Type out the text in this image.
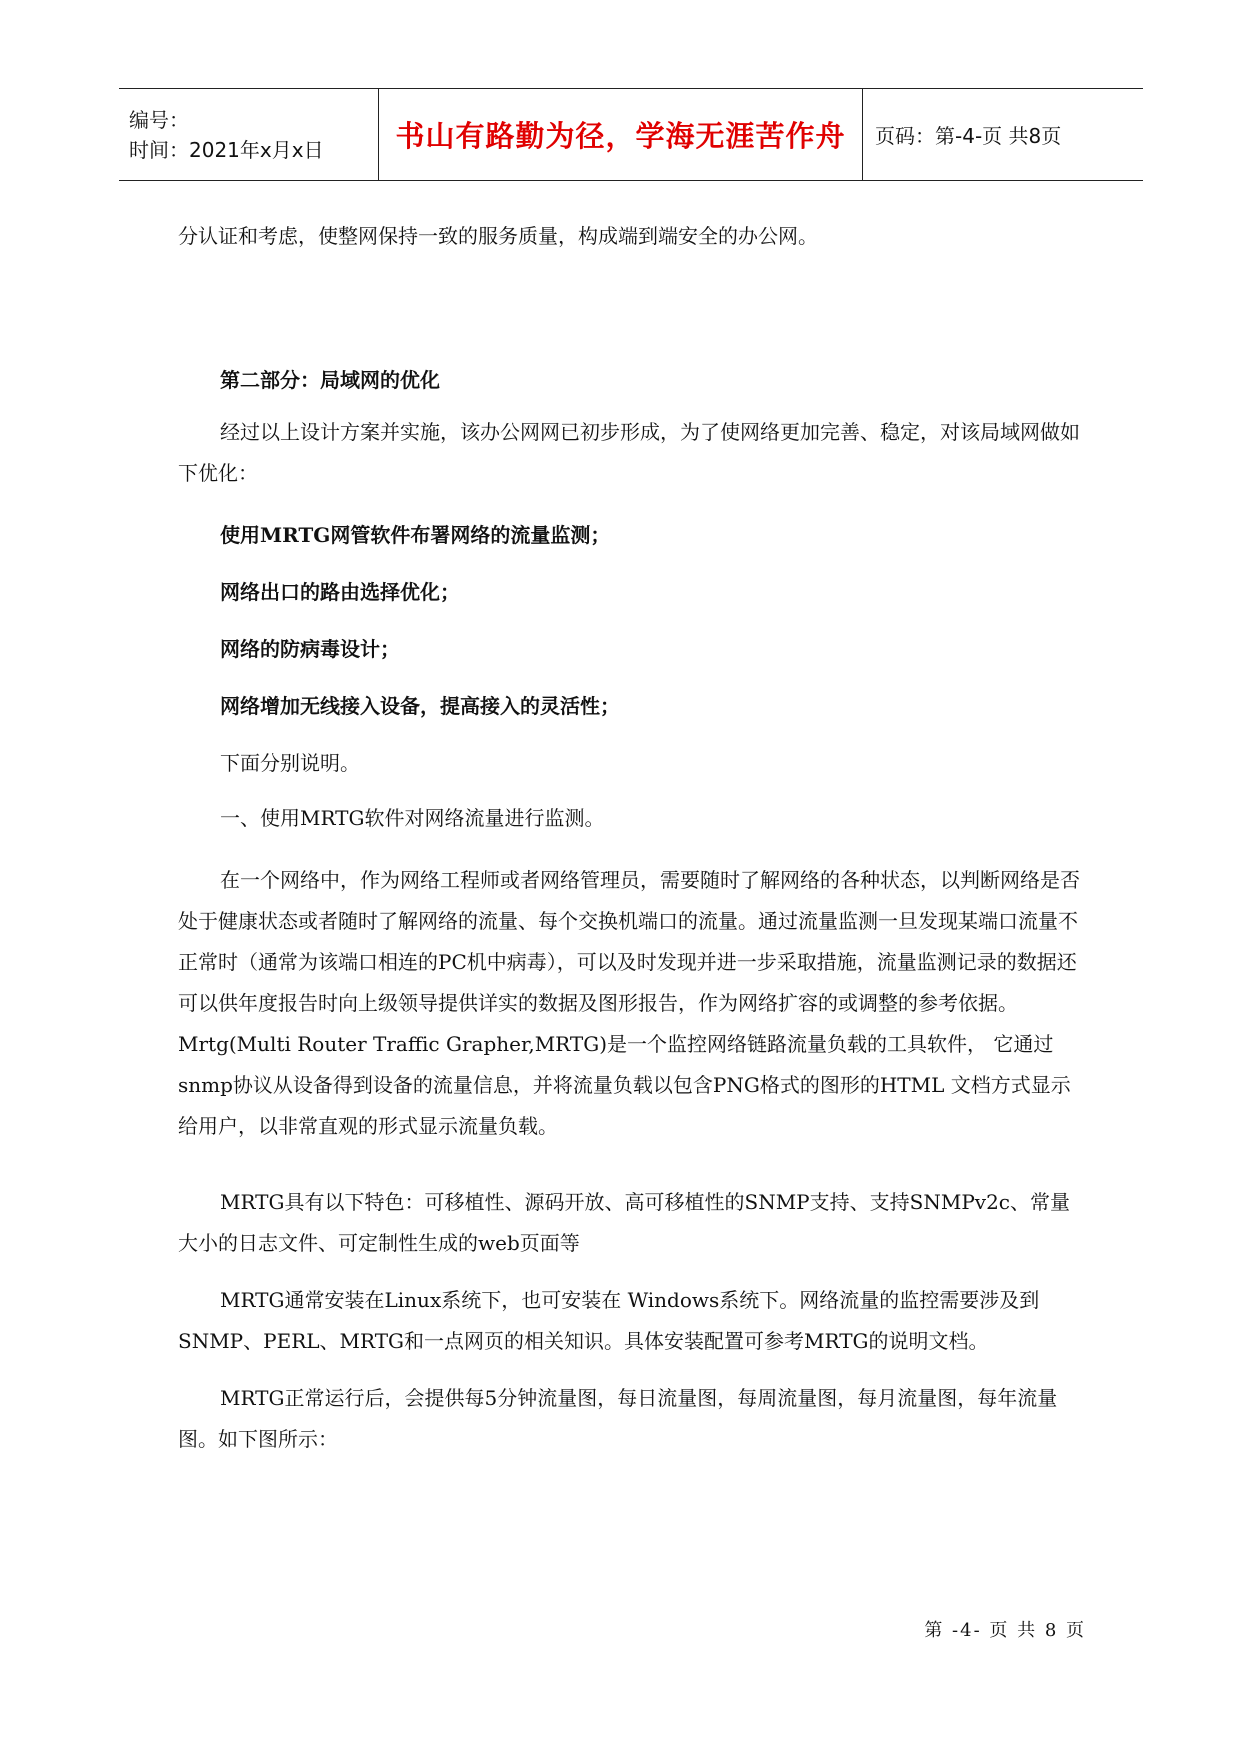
编号：
时间：2021年x月x日	书山有路勤为径，学海无涯苦作舟 页码：第-4-页 共8页

分认证和考虑，使整网保持一致的服务质量，构成端到端安全的办公网。

第二部分：局域网的优化

经过以上设计方案并实施，该办公网网已初步形成，为了使网络更加完善、稳定，对该局域网做如下优化：

使用MRTG网管软件布署网络的流量监测；

网络出口的路由选择优化；

网络的防病毒设计；

网络增加无线接入设备，提高接入的灵活性；

下面分别说明。

一、使用MRTG软件对网络流量进行监测。

在一个网络中，作为网络工程师或者网络管理员，需要随时了解网络的各种状态，以判断网络是否处于健康状态或者随时了解网络的流量、每个交换机端口的流量。通过流量监测一旦发现某端口流量不正常时（通常为该端口相连的PC机中病毒），可以及时发现并进一步采取措施，流量监测记录的数据还可以供年度报告时向上级领导提供详实的数据及图形报告，作为网络扩容的或调整的参考依据。Mrtg(Multi Router Traffic Grapher,MRTG)是一个监控网络链路流量负载的工具软件， 它通过snmp协议从设备得到设备的流量信息，并将流量负载以包含PNG格式的图形的HTML 文档方式显示给用户，以非常直观的形式显示流量负载。

MRTG具有以下特色：可移植性、源码开放、高可移植性的SNMP支持、支持SNMPv2c、常量大小的日志文件、可定制性生成的web页面等

MRTG通常安装在Linux系统下，也可安装在 Windows系统下。网络流量的监控需要涉及到SNMP、PERL、MRTG和一点网页的相关知识。具体安装配置可参考MRTG的说明文档。

MRTG正常运行后，会提供每5分钟流量图，每日流量图，每周流量图，每月流量图，每年流量图。如下图所示：

第 -4- 页 共 8 页
